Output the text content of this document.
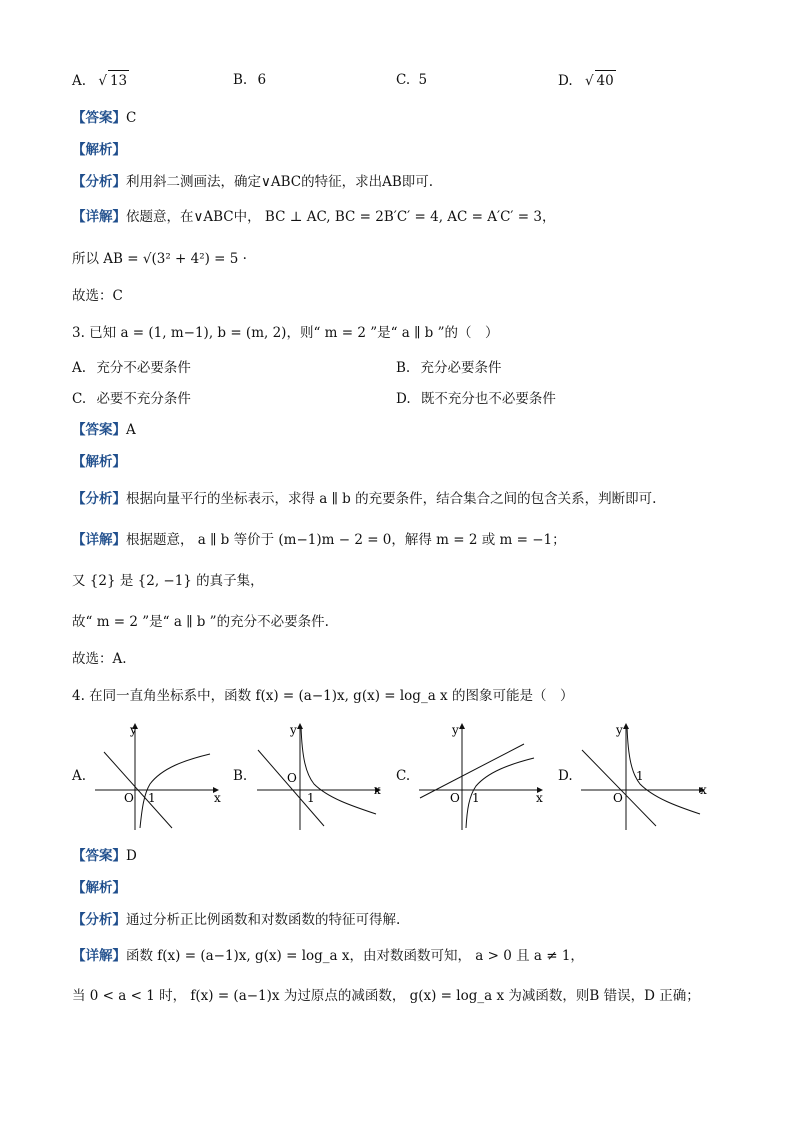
A. √ 13	B. 6	C. 5	D. √ 40
【答案】C
【解析】
【分析】利用斜二测画法，确定∨ABC的特征，求出AB即可.
【详解】依题意，在∨ABC中， BC ⊥ AC, BC = 2B′C′ = 4, AC = A′C′ = 3，
所以 AB = √(3² + 4²) = 5 ·
故选：C
3. 已知 a = (1, m−1), b = (m, 2)，则“ m = 2 ”是“ a ∥ b ”的（　）
A. 充分不必要条件	B. 充分必要条件
C. 必要不充分条件	D. 既不充分也不必要条件
【答案】A
【解析】
【分析】根据向量平行的坐标表示，求得 a ∥ b 的充要条件，结合集合之间的包含关系，判断即可.
【详解】根据题意， a ∥ b 等价于 (m−1)m − 2 = 0，解得 m = 2 或 m = −1；
又 {2} 是 {2, −1} 的真子集，
故“ m = 2 ”是“ a ∥ b ”的充分不必要条件.
故选：A.
4. 在同一直角坐标系中，函数 f(x) = (a−1)x, g(x) = log_a x 的图象可能是（　）
A.	B.	C.	D.
y
x
O 1
y
x
O
1
y
x
O 1
y
x
O
1
【答案】D
【解析】
【分析】通过分析正比例函数和对数函数的特征可得解.
【详解】函数 f(x) = (a−1)x, g(x) = log_a x，由对数函数可知， a > 0 且 a ≠ 1，
当 0 < a < 1 时， f(x) = (a−1)x 为过原点的减函数， g(x) = log_a x 为减函数，则B 错误，D 正确；
